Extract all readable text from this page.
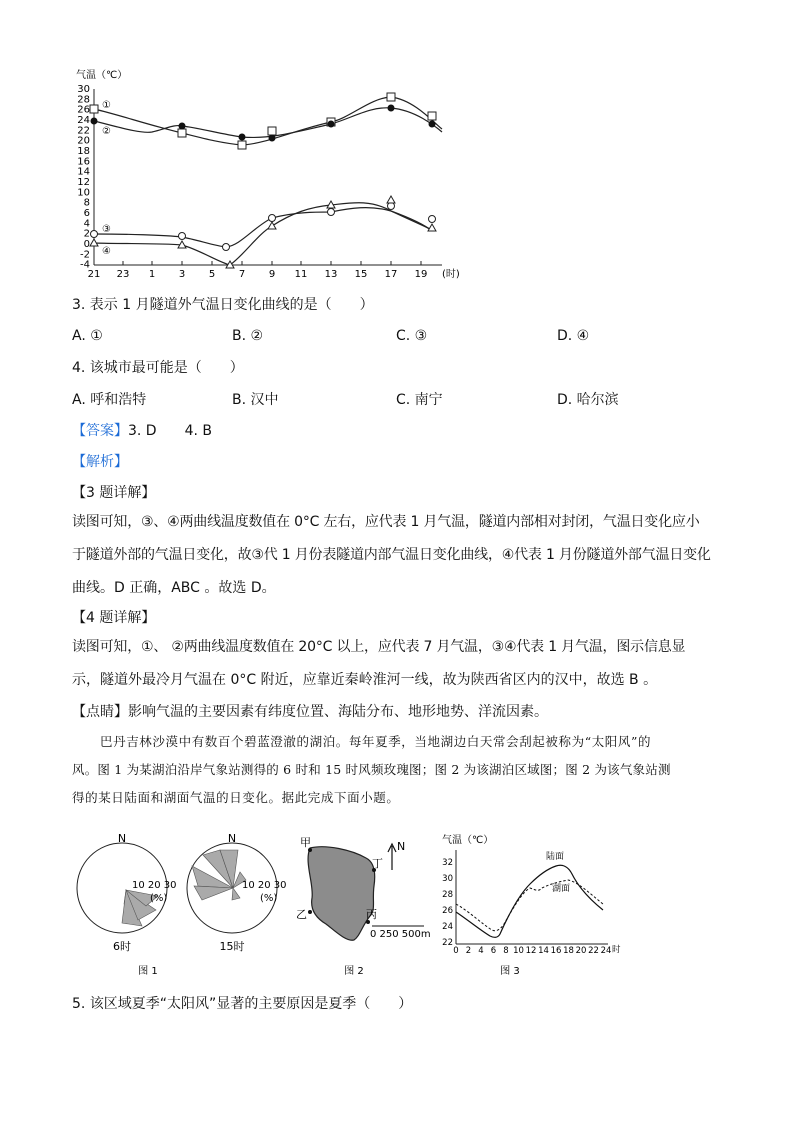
气温（℃）
30
28
26
24
22
20
18
16
14
12
10
8
6
4
2
0
-2
-4
21 23 1 3 5 7 9 11 13 15 17 19 (时)
①
②
③
④
3. 表示 1 月隧道外气温日变化曲线的是（　　）
A. ①	B. ②	C. ③	D. ④
4. 该城市最可能是（　　）
A. 呼和浩特	B. 汉中	C. 南宁	D. 哈尔滨
【答案】3. D　　4. B
【解析】
【3 题详解】
读图可知，③、④两曲线温度数值在 0°C 左右，应代表 1 月气温，隧道内部相对封闭，气温日变化应小
于隧道外部的气温日变化，故③代 1 月份表隧道内部气温日变化曲线，④代表 1 月份隧道外部气温日变化
曲线。D 正确，ABC 。故选 D。
【4 题详解】
读图可知，①、 ②两曲线温度数值在 20°C 以上，应代表 7 月气温，③④代表 1 月气温，图示信息显
示，隧道外最冷月气温在 0°C 附近，应靠近秦岭淮河一线，故为陕西省区内的汉中，故选 B 。
【点睛】影响气温的主要因素有纬度位置、海陆分布、地形地势、洋流因素。
巴丹吉林沙漠中有数百个碧蓝澄澈的湖泊。每年夏季，当地湖边白天常会刮起被称为“太阳风”的
风。图 1 为某湖泊沿岸气象站测得的 6 时和 15 时风频玫瑰图；图 2 为该湖泊区域图；图 2 为该气象站测
得的某日陆面和湖面气温的日变化。据此完成下面小题。
N
10 20 30
(%)
6时
N
10 20 30
(%)
15时
图 1
甲
丁
乙	丙
N
0 250 500m
图 2
气温（℃）
32
30
28
26
24
22
0 2 4 6 8 10 12 14 16 18 20 22 24 时
陆面
湖面
图 3
5. 该区域夏季“太阳风”显著的主要原因是夏季（　　）
